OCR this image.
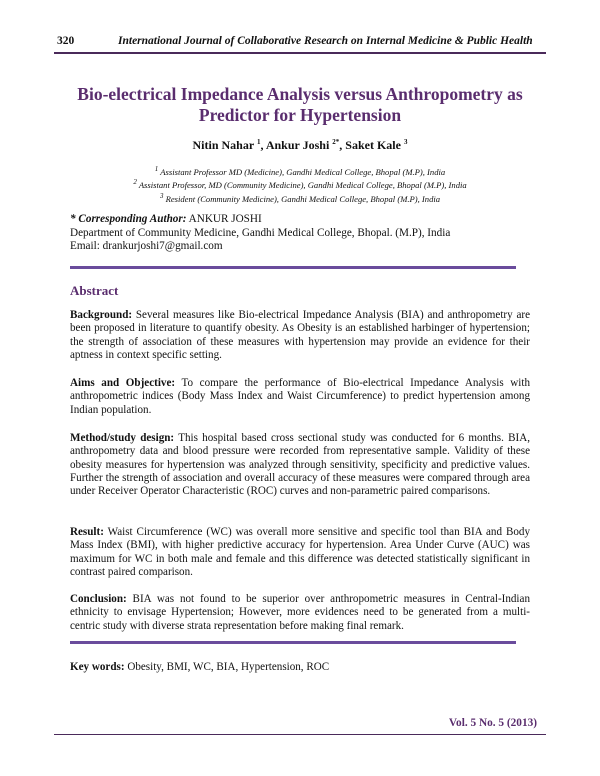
320	International Journal of Collaborative Research on Internal Medicine & Public Health
Bio-electrical Impedance Analysis versus Anthropometry as Predictor for Hypertension
Nitin Nahar $^1$, Ankur Joshi $^{2*}$, Saket Kale $^3$
$^1$ Assistant Professor MD (Medicine), Gandhi Medical College, Bhopal (M.P), India
$^2$ Assistant Professor, MD (Community Medicine), Gandhi Medical College, Bhopal (M.P), India
$^3$ Resident (Community Medicine), Gandhi Medical College, Bhopal (M.P), India
* Corresponding Author: ANKUR JOSHI
Department of Community Medicine, Gandhi Medical College, Bhopal. (M.P), India
Email: drankurjoshi7@gmail.com
Abstract
Background: Several measures like Bio-electrical Impedance Analysis (BIA) and anthropometry are been proposed in literature to quantify obesity. As Obesity is an established harbinger of hypertension; the strength of association of these measures with hypertension may provide an evidence for their aptness in context specific setting.
Aims and Objective: To compare the performance of Bio-electrical Impedance Analysis with anthropometric indices (Body Mass Index and Waist Circumference) to predict hypertension among Indian population.
Method/study design: This hospital based cross sectional study was conducted for 6 months. BIA, anthropometry data and blood pressure were recorded from representative sample. Validity of these obesity measures for hypertension was analyzed through sensitivity, specificity and predictive values. Further the strength of association and overall accuracy of these measures were compared through area under Receiver Operator Characteristic (ROC) curves and non-parametric paired comparisons.
Result: Waist Circumference (WC) was overall more sensitive and specific tool than BIA and Body Mass Index (BMI), with higher predictive accuracy for hypertension. Area Under Curve (AUC) was maximum for WC in both male and female and this difference was detected statistically significant in contrast paired comparison.
Conclusion: BIA was not found to be superior over anthropometric measures in Central-Indian ethnicity to envisage Hypertension; However, more evidences need to be generated from a multi-centric study with diverse strata representation before making final remark.
Key words: Obesity, BMI, WC, BIA, Hypertension, ROC
Vol. 5 No. 5 (2013)
